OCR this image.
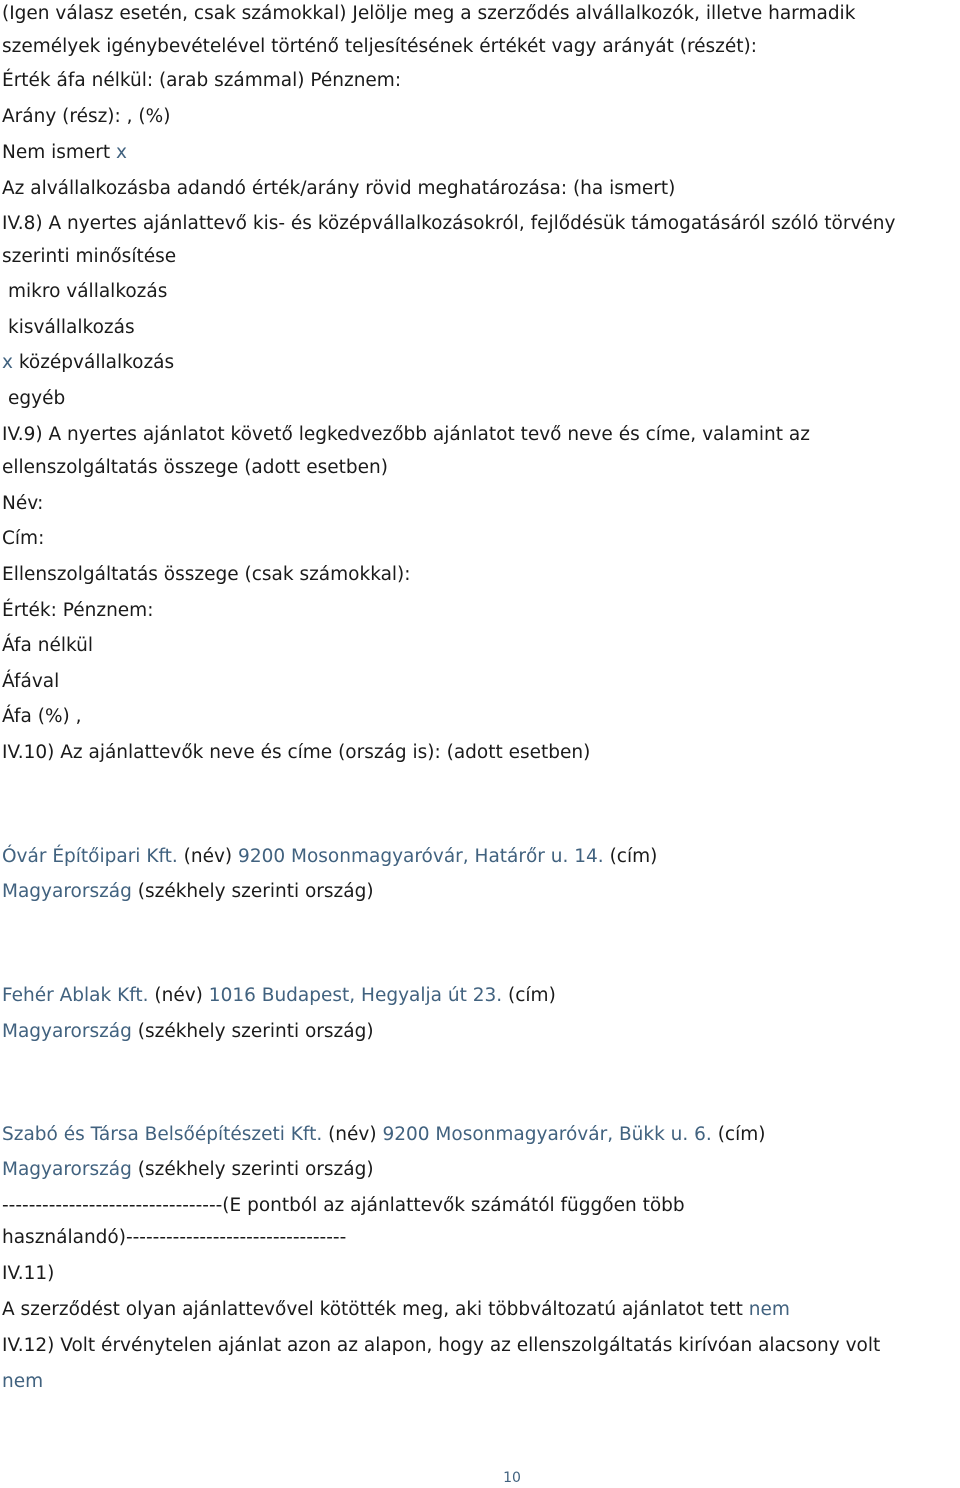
(Igen válasz esetén, csak számokkal) Jelölje meg a szerződés alvállalkozók, illetve harmadik
személyek igénybevételével történő teljesítésének értékét vagy arányát (részét):
Érték áfa nélkül: (arab számmal) Pénznem:
Arány (rész): , (%)
Nem ismert x
Az alvállalkozásba adandó érték/arány rövid meghatározása: (ha ismert)
IV.8) A nyertes ajánlattevő kis- és középvállalkozásokról, fejlődésük támogatásáról szóló törvény
szerinti minősítése
mikro vállalkozás
kisvállalkozás
x középvállalkozás
egyéb
IV.9) A nyertes ajánlatot követő legkedvezőbb ajánlatot tevő neve és címe, valamint az
ellenszolgáltatás összege (adott esetben)
Név:
Cím:
Ellenszolgáltatás összege (csak számokkal):
Érték: Pénznem:
Áfa nélkül
Áfával
Áfa (%) ,
IV.10) Az ajánlattevők neve és címe (ország is): (adott esetben)
Óvár Építőipari Kft. (név) 9200 Mosonmagyaróvár, Határőr u. 14. (cím)
Magyarország (székhely szerinti ország)
Fehér Ablak Kft. (név) 1016 Budapest, Hegyalja út 23. (cím)
Magyarország (székhely szerinti ország)
Szabó és Társa Belsőépítészeti Kft. (név) 9200 Mosonmagyaróvár, Bükk u. 6. (cím)
Magyarország (székhely szerinti ország)
---------------------------------(E pontból az ajánlattevők számától függően több
használandó)---------------------------------
IV.11)
A szerződést olyan ajánlattevővel kötötték meg, aki többváltozatú ajánlatot tett nem
IV.12) Volt érvénytelen ajánlat azon az alapon, hogy az ellenszolgáltatás kirívóan alacsony volt
nem
10
